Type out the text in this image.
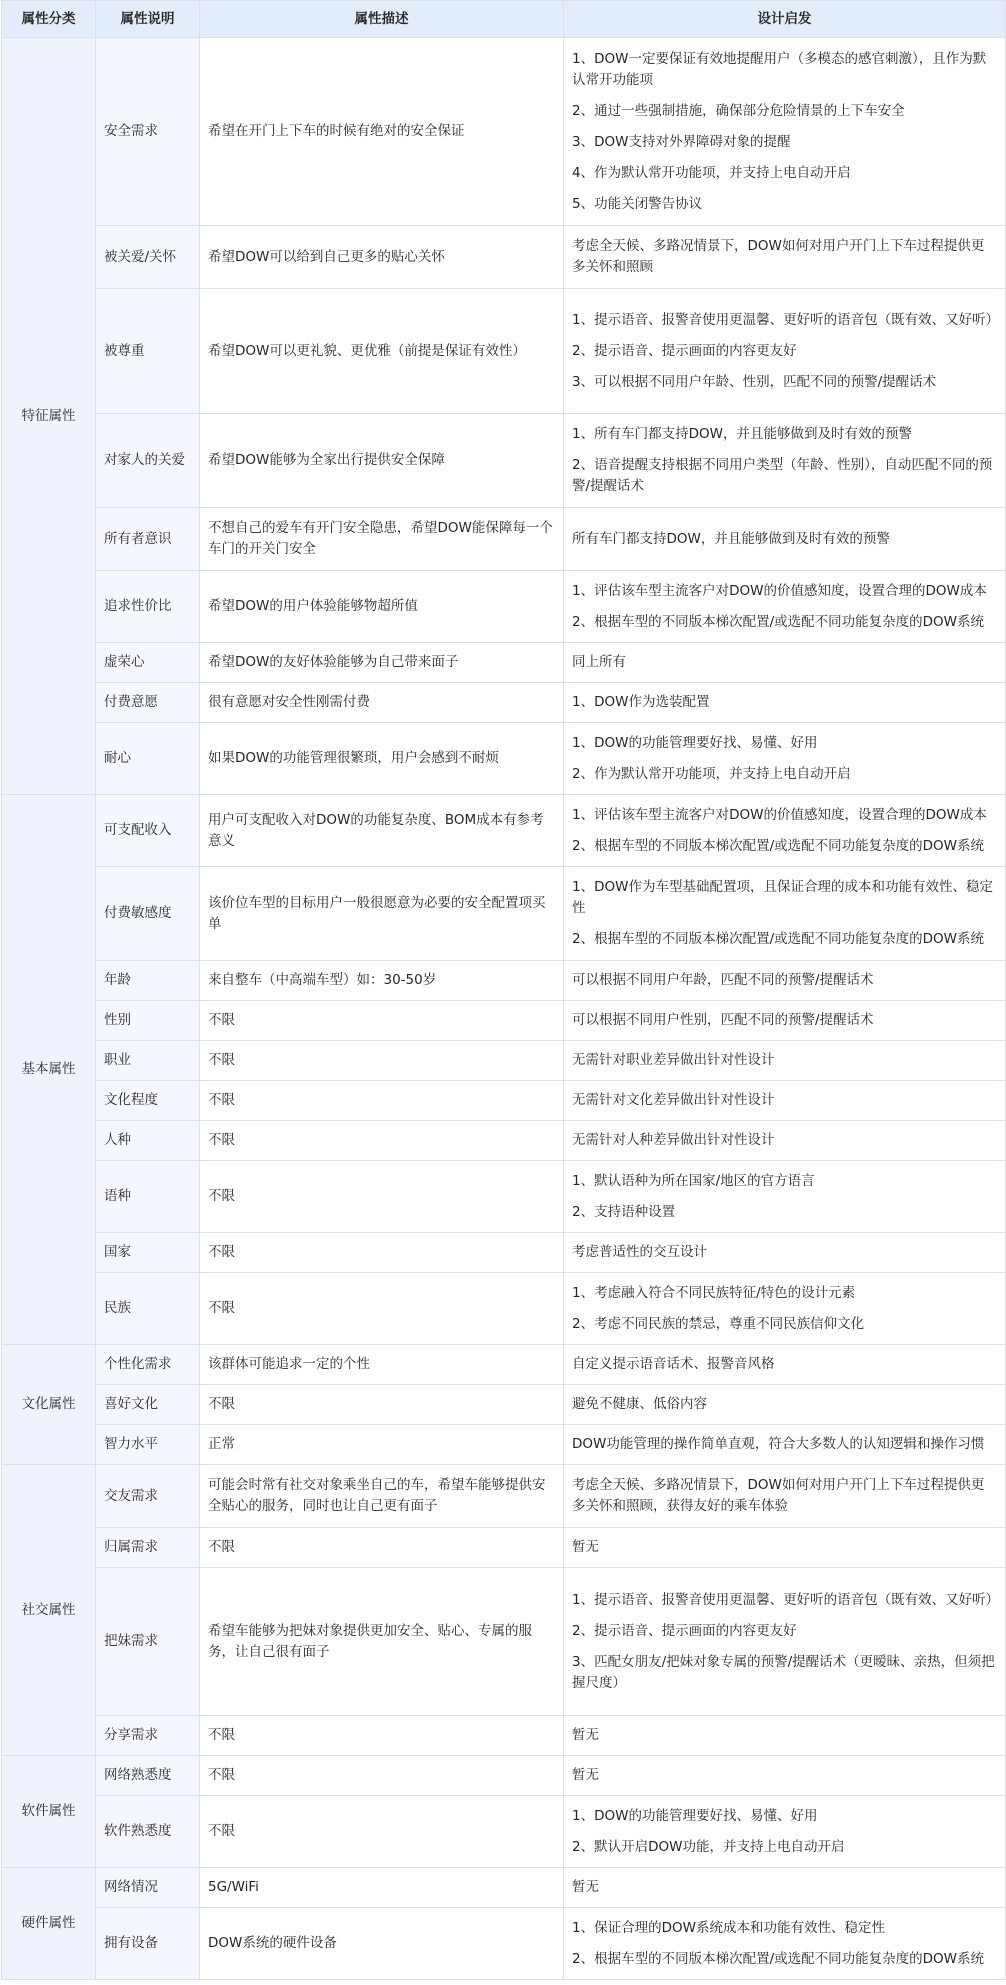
属性分类	属性说明	属性描述	设计启发
特征属性	安全需求	希望在开门上下车的时候有绝对的安全保证	1、DOW一定要保证有效地提醒用户（多模态的感官刺激），且作为默认常开功能项

2、通过一些强制措施，确保部分危险情景的上下车安全

3、DOW支持对外界障碍对象的提醒

4、作为默认常开功能项，并支持上电自动开启

5、功能关闭警告协议

	被关爱/关怀	希望DOW可以给到自己更多的贴心关怀	考虑全天候、多路况情景下，DOW如何对用户开门上下车过程提供更多关怀和照顾

	被尊重	希望DOW可以更礼貌、更优雅（前提是保证有效性）	1、提示语音、报警音使用更温馨、更好听的语音包（既有效、又好听）

2、提示语音、提示画面的内容更友好

3、可以根据不同用户年龄、性别，匹配不同的预警/提醒话术

	对家人的关爱	希望DOW能够为全家出行提供安全保障	1、所有车门都支持DOW，并且能够做到及时有效的预警

2、语音提醒支持根据不同用户类型（年龄、性别），自动匹配不同的预警/提醒话术

	所有者意识	不想自己的爱车有开门安全隐患，希望DOW能保障每一个车门的开关门安全	所有车门都支持DOW，并且能够做到及时有效的预警

	追求性价比	希望DOW的用户体验能够物超所值	1、评估该车型主流客户对DOW的价值感知度，设置合理的DOW成本

2、根据车型的不同版本梯次配置/或选配不同功能复杂度的DOW系统

	虚荣心	希望DOW的友好体验能够为自己带来面子	同上所有

	付费意愿	很有意愿对安全性刚需付费	1、DOW作为选装配置

	耐心	如果DOW的功能管理很繁琐，用户会感到不耐烦	1、DOW的功能管理要好找、易懂、好用

2、作为默认常开功能项，并支持上电自动开启

基本属性	可支配收入	用户可支配收入对DOW的功能复杂度、BOM成本有参考意义	1、评估该车型主流客户对DOW的价值感知度，设置合理的DOW成本

2、根据车型的不同版本梯次配置/或选配不同功能复杂度的DOW系统

	付费敏感度	该价位车型的目标用户一般很愿意为必要的安全配置项买单	1、DOW作为车型基础配置项，且保证合理的成本和功能有效性、稳定性

2、根据车型的不同版本梯次配置/或选配不同功能复杂度的DOW系统

	年龄	来自整车（中高端车型）如：30-50岁	可以根据不同用户年龄，匹配不同的预警/提醒话术

	性别	不限	可以根据不同用户性别，匹配不同的预警/提醒话术

	职业	不限	无需针对职业差异做出针对性设计

	文化程度	不限	无需针对文化差异做出针对性设计

	人种	不限	无需针对人种差异做出针对性设计

	语种	不限	1、默认语种为所在国家/地区的官方语言

2、支持语种设置

	国家	不限	考虑普适性的交互设计

	民族	不限	1、考虑融入符合不同民族特征/特色的设计元素

2、考虑不同民族的禁忌，尊重不同民族信仰文化

文化属性	个性化需求	该群体可能追求一定的个性	自定义提示语音话术、报警音风格

	喜好文化	不限	避免不健康、低俗内容

	智力水平	正常	DOW功能管理的操作简单直观，符合大多数人的认知逻辑和操作习惯

社交属性	交友需求	可能会时常有社交对象乘坐自己的车，希望车能够提供安全贴心的服务，同时也让自己更有面子	考虑全天候、多路况情景下，DOW如何对用户开门上下车过程提供更多关怀和照顾，获得友好的乘车体验

	归属需求	不限	暂无

	把妹需求	希望车能够为把妹对象提供更加安全、贴心、专属的服务，让自己很有面子	1、提示语音、报警音使用更温馨、更好听的语音包（既有效、又好听）

2、提示语音、提示画面的内容更友好

3、匹配女朋友/把妹对象专属的预警/提醒话术（更暧昧、亲热，但须把握尺度）

	分享需求	不限	暂无

软件属性	网络熟悉度	不限	暂无

	软件熟悉度	不限	1、DOW的功能管理要好找、易懂、好用

2、默认开启DOW功能，并支持上电自动开启

硬件属性	网络情况	5G/WiFi	暂无

	拥有设备	DOW系统的硬件设备	1、保证合理的DOW系统成本和功能有效性、稳定性

2、根据车型的不同版本梯次配置/或选配不同功能复杂度的DOW系统
